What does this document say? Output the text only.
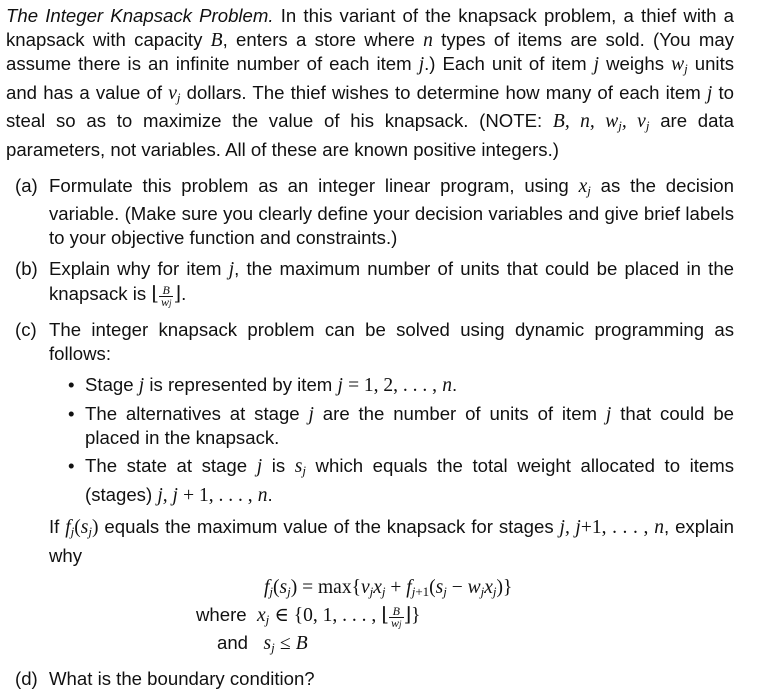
The Integer Knapsack Problem. In this variant of the knapsack problem, a thief with a knapsack with capacity B, enters a store where n types of items are sold. (You may assume there is an infinite number of each item j.) Each unit of item j weighs $w_j$ units and has a value of $v_j$ dollars. The thief wishes to determine how many of each item j to steal so as to maximize the value of his knapsack. (NOTE: B, n, $w_j$, $v_j$ are data parameters, not variables. All of these are known positive integers.)

(a) Formulate this problem as an integer linear program, using $x_j$ as the decision variable. (Make sure you clearly define your decision variables and give brief labels to your objective function and constraints.)
(b) Explain why for item j, the maximum number of units that could be placed in the knapsack is ⌊ $\frac{B}{wj}$ ⌋.
(c) The integer knapsack problem can be solved using dynamic programming as follows:
• Stage j is represented by item j = 1, 2, . . . , n.
• The alternatives at stage j are the number of units of item j that could be placed in the knapsack.
• The state at stage j is $s_j$ which equals the total weight allocated to items (stages) j, j + 1, . . . , n.
If $f_j(s_j)$ equals the maximum value of the knapsack for stages j, j+1, . . . , n, explain why
$f_j(s_j) = \max\{v_jx_j + f_{j+1}(s_j - w_jx_j)\}$
where $x_j$ ∈ {0, 1, . . . , ⌊ $\frac{B}{wj}$ ⌋}
and $s_j \le B$
(d) What is the boundary condition?
